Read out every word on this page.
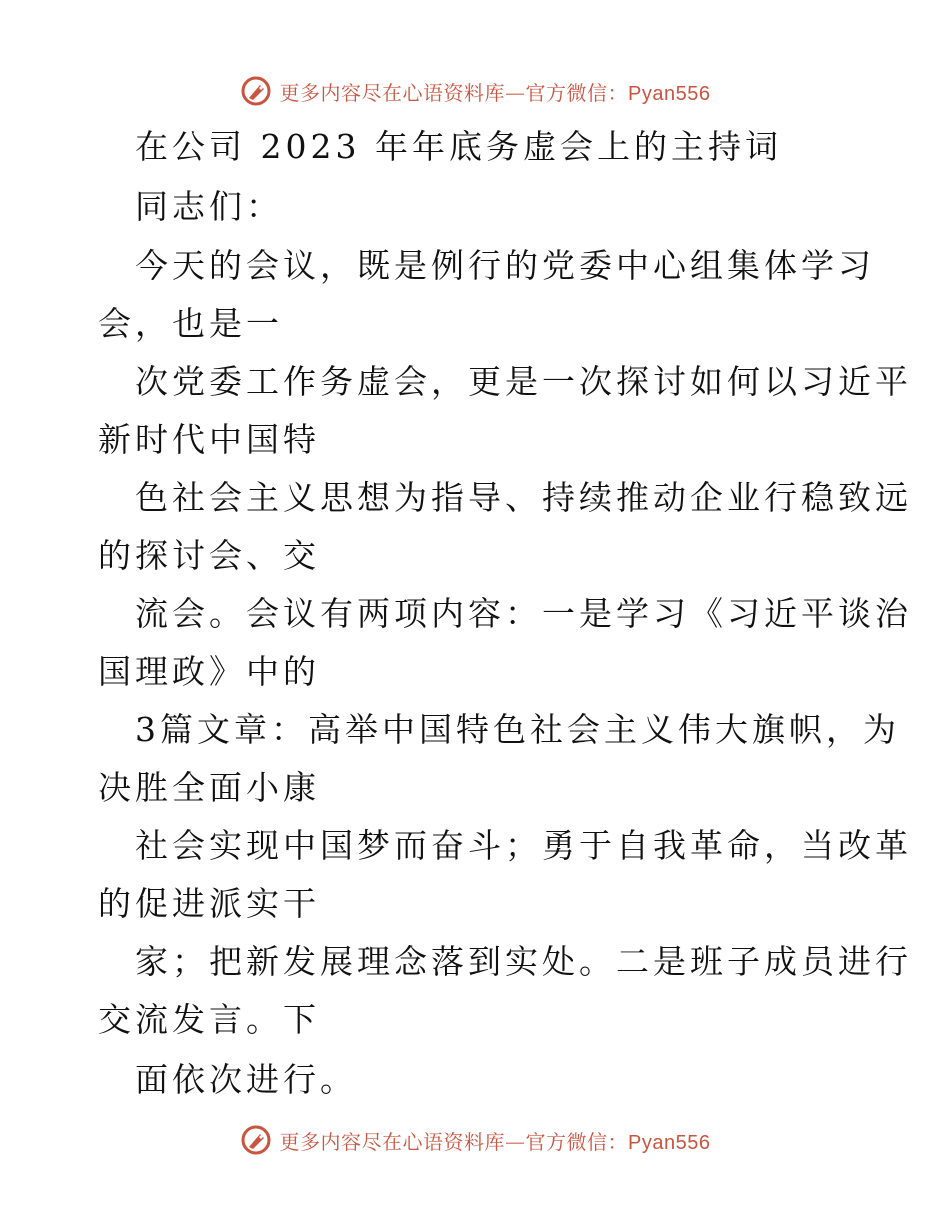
更多内容尽在心语资料库—官方微信：Pyan556
在公司 2023 年年底务虚会上的主持词
同志们：
今天的会议，既是例行的党委中心组集体学习
会，也是一
次党委工作务虚会，更是一次探讨如何以习近平
新时代中国特
色社会主义思想为指导、持续推动企业行稳致远
的探讨会、交
流会。会议有两项内容：一是学习《习近平谈治
国理政》中的
3篇文章：高举中国特色社会主义伟大旗帜，为
决胜全面小康
社会实现中国梦而奋斗；勇于自我革命，当改革
的促进派实干
家；把新发展理念落到实处。二是班子成员进行
交流发言。下
面依次进行。
更多内容尽在心语资料库—官方微信：Pyan556
